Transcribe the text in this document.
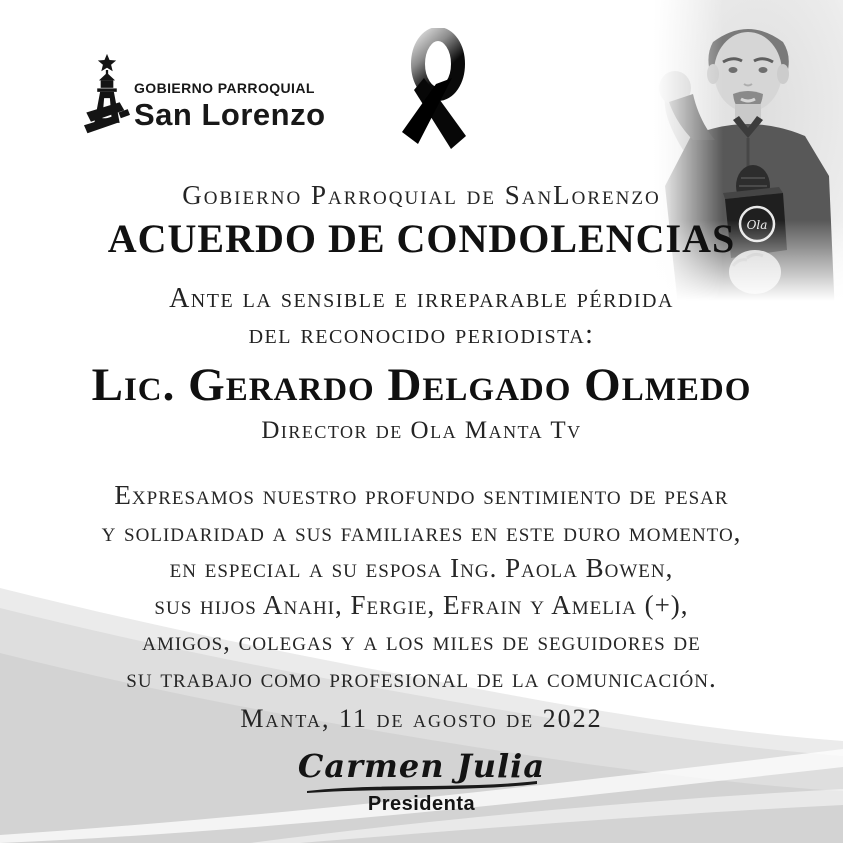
GOBIERNO PARROQUIAL
San Lorenzo
Gobierno Parroquial de SanLorenzo
ACUERDO DE CONDOLENCIAS
Ante la sensible e irreparable pérdida
del reconocido periodista:
Lic. Gerardo Delgado Olmedo
Director de Ola Manta Tv
Expresamos nuestro profundo sentimiento de pesar
y solidaridad a sus familiares en este duro momento,
en especial a su esposa Ing. Paola Bowen,
sus hijos Anahi, Fergie, Efrain y Amelia (+),
amigos, colegas y a los miles de seguidores de
su trabajo como profesional de la comunicación.
Manta, 11 de agosto de 2022
Carmen Julia
Presidenta
